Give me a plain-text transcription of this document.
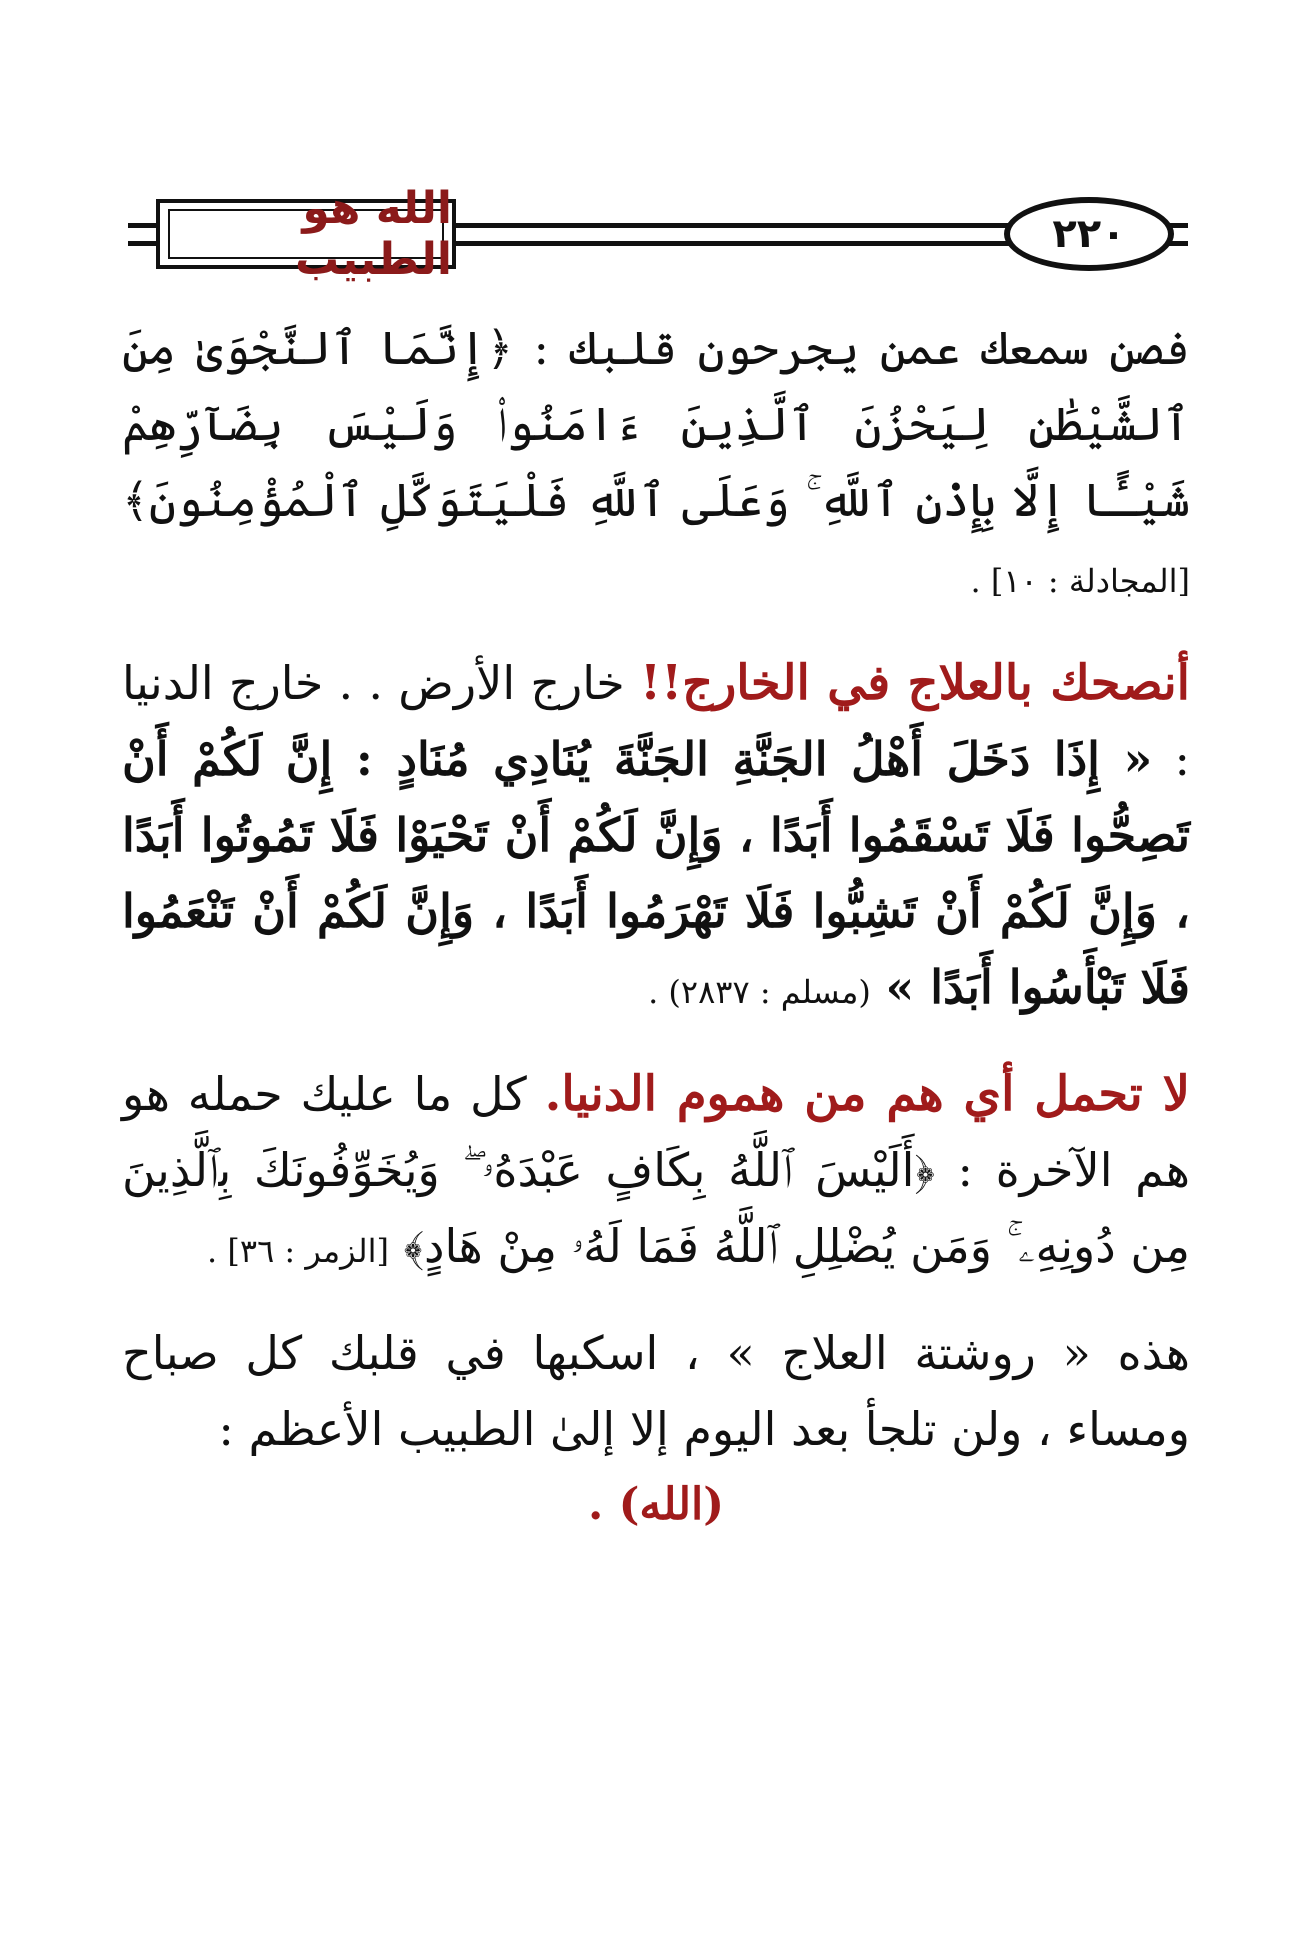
الله هو الطبيب	٢٢٠

فصن سمعك عمن يجرحون قلبك : ﴿إِنَّمَا ٱلنَّجْوَىٰ مِنَ ٱلشَّيْطَٰنِ لِيَحْزُنَ ٱلَّذِينَ ءَامَنُوا۟ وَلَيْسَ بِضَآرِّهِمْ شَيْـًٔا إِلَّا بِإِذْنِ ٱللَّهِ ۚ وَعَلَى ٱللَّهِ فَلْيَتَوَكَّلِ ٱلْمُؤْمِنُونَ﴾ [المجادلة : ١٠] .

أنصحك بالعلاج في الخارج!! خارج الأرض . . خارج الدنيا : « إِذَا دَخَلَ أَهْلُ الجَنَّةِ الجَنَّةَ يُنَادِي مُنَادٍ : إِنَّ لَكُمْ أَنْ تَصِحُّوا فَلَا تَسْقَمُوا أَبَدًا ، وَإِنَّ لَكُمْ أَنْ تَحْيَوْا فَلَا تَمُوتُوا أَبَدًا ، وَإِنَّ لَكُمْ أَنْ تَشِبُّوا فَلَا تَهْرَمُوا أَبَدًا ، وَإِنَّ لَكُمْ أَنْ تَنْعَمُوا فَلَا تَبْأَسُوا أَبَدًا » (مسلم : ٢٨٣٧) .

لا تحمل أي هم من هموم الدنيا. كل ما عليك حمله هو هم الآخرة : ﴿أَلَيْسَ ٱللَّهُ بِكَافٍ عَبْدَهُۥ ۖ وَيُخَوِّفُونَكَ بِٱلَّذِينَ مِن دُونِهِۦ ۚ وَمَن يُضْلِلِ ٱللَّهُ فَمَا لَهُۥ مِنْ هَادٍ﴾ [الزمر : ٣٦] .

هذه « روشتة العلاج » ، اسكبها في قلبك كل صباح ومساء ، ولن تلجأ بعد اليوم إلا إلىٰ الطبيب الأعظم :
(الله) .
